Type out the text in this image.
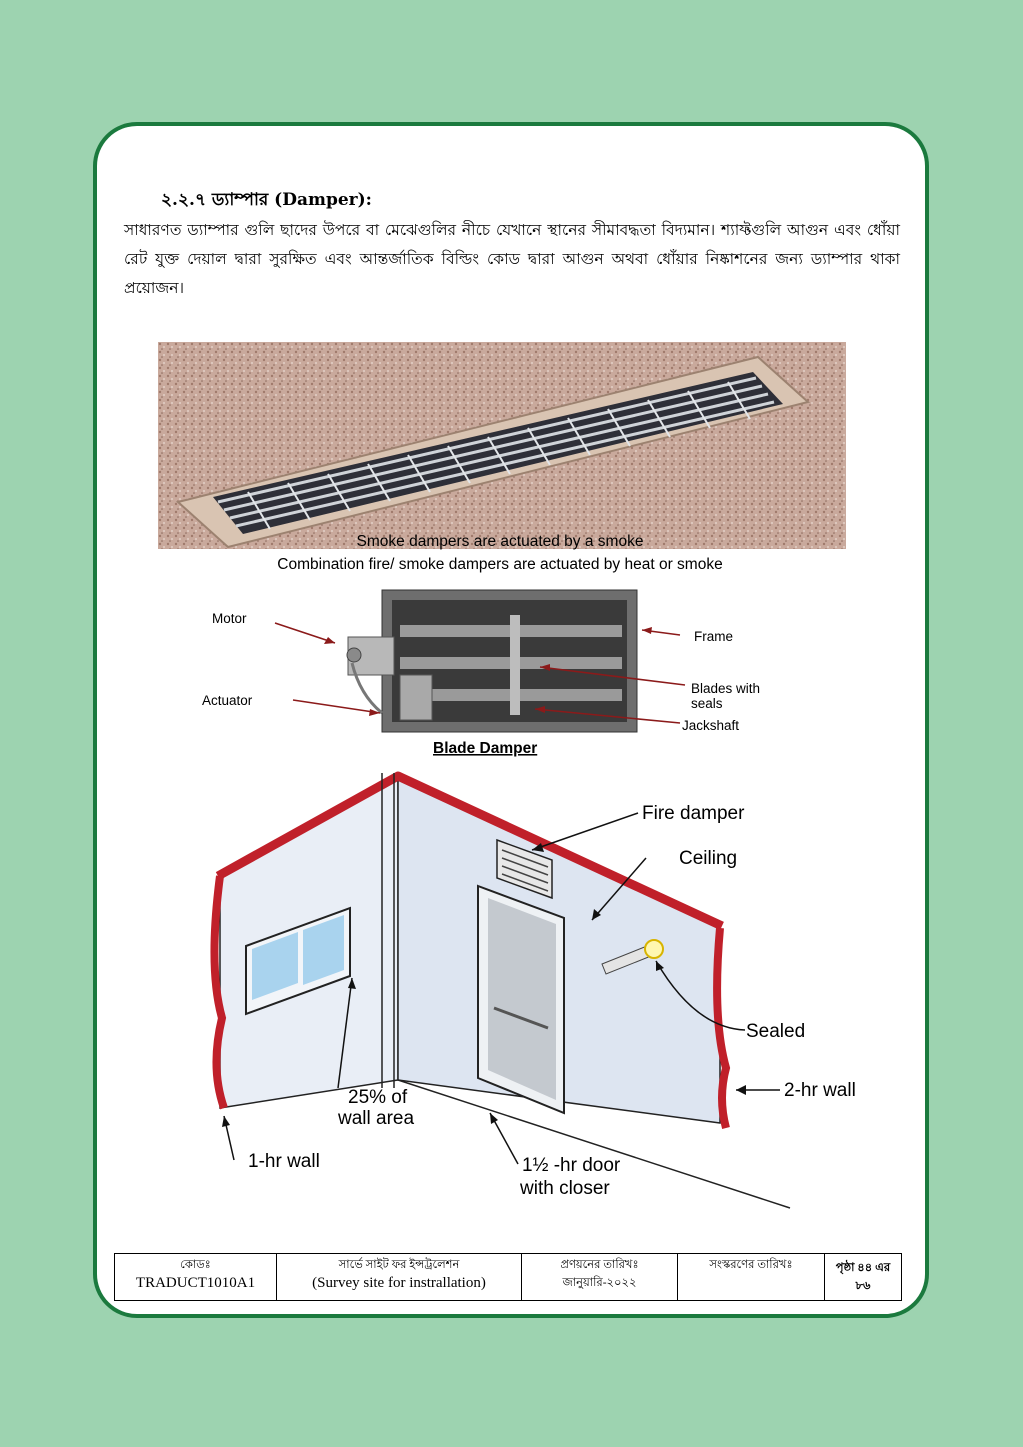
২.২.৭ ড্যাম্পার (Damper):
সাধারণত ড্যাম্পার গুলি ছাদের উপরে বা মেঝেগুলির নীচে যেখানে স্থানের সীমাবদ্ধতা বিদ্যমান। শ্যাফ্টগুলি আগুন এবং ধোঁয়া রেট যুক্ত দেয়াল দ্বারা সুরক্ষিত এবং আন্তর্জাতিক বিল্ডিং কোড দ্বারা আগুন অথবা ধোঁয়ার নিষ্কাশনের জন্য ড্যাম্পার থাকা প্রয়োজন।
Smoke dampers are actuated by a smoke
Combination fire/ smoke dampers are actuated by heat or smoke
Motor
Actuator
Frame
Blades with
seals
Jackshaft
Blade Damper
Fire damper
Ceiling
Sealed
2-hr wall
25% of
wall area
1-hr wall	1½ -hr door
with closer
কোডঃ
TRADUCT1010A1

সার্ভে সাইট ফর ইন্সট্রলেশন
(Survey site for instrallation)

প্রণয়নের তারিখঃ
জানুয়ারি-২০২২

সংস্করণের তারিখঃ	পৃষ্ঠা ৪৪ এর ৮৬
